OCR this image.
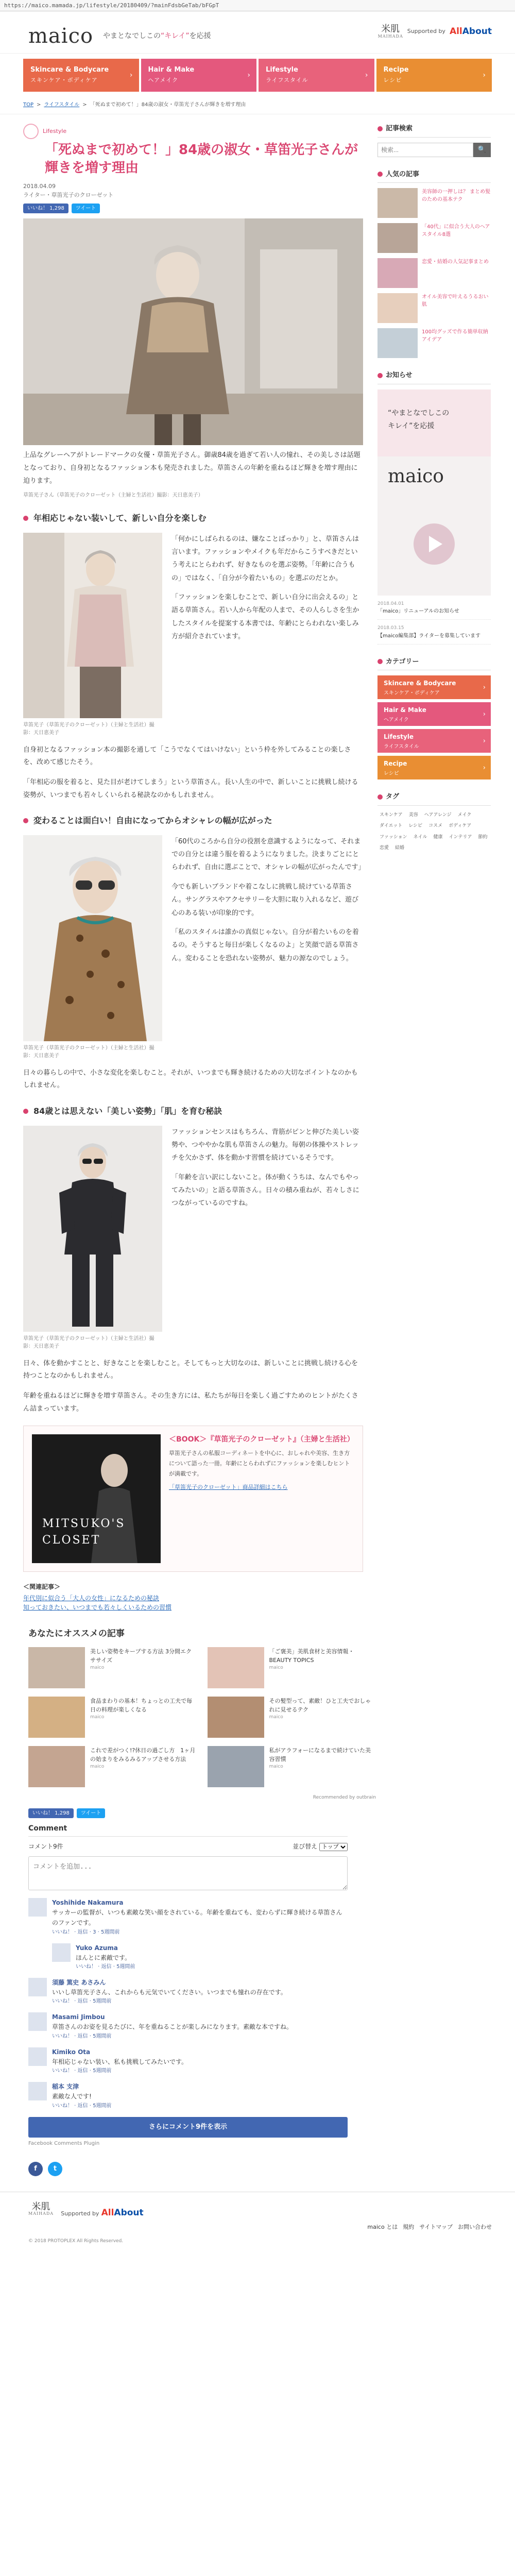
https://maico.mamada.jp/lifestyle/20180409/?mainFdsbGeTab/bFGpT
maico やまとなでしこの“キレイ”を応援
米肌
MAIHADA
Supported by AllAbout
Skincare & Bodycare
スキンケア・ボディケア
›
Hair & Make
ヘアメイク
›
Lifestyle
ライフスタイル
›
Recipe
レシピ
›
TOP > ライフスタイル > 「死ぬまで初めて！」84歳の淑女・草笛光子さんが輝きを増す理由
Lifestyle
「死ぬまで初めて！」84歳の淑女・草笛光子さんが輝きを増す理由
2018.04.09
ライター・草笛光子のクローゼット
いいね！ 1,298	ツイート

上品なグレーヘアがトレードマークの女優・草笛光子さん。御歳84歳を過ぎて若い人の憧れ、その美しさは話題となっており、自身初となるファッション本も発売されました。草笛さんの年齢を重ねるほど輝きを増す理由に迫ります。

草笛光子さん（草笛光子のクローゼット（主婦と生活社）撮影：天日恵美子）
年相応じゃない装いして、新しい自分を楽しむ
草笛光子（草笛光子のクローゼット）（主婦と生活社）撮影：天日恵美子

「何かにしばられるのは、嫌なことばっかり」と、草笛さんは言います。ファッションやメイクも年だからこうすべきだという考えにとらわれず、好きなものを選ぶ姿勢。「年齢に合うもの」ではなく、「自分が今着たいもの」を選ぶのだとか。

「ファッションを楽しむことで、新しい自分に出会えるの」と語る草笛さん。若い人から年配の人まで、その人らしさを生かしたスタイルを提案する本書では、年齢にとらわれない楽しみ方が紹介されています。

自身初となるファッション本の撮影を通して「こうでなくてはいけない」という枠を外してみることの楽しさを、改めて感じたそう。

「年相応の服を着ると、見た目が老けてしまう」という草笛さん。長い人生の中で、新しいことに挑戦し続ける姿勢が、いつまでも若々しくいられる秘訣なのかもしれません。

変わることは面白い！自由になってからオシャレの幅が広がった
草笛光子（草笛光子のクローゼット）（主婦と生活社）撮影：天日恵美子

「60代のころから自分の役割を意識するようになって、それまでの自分とは違う服を着るようになりました。決まりごとにとらわれず、自由に選ぶことで、オシャレの幅が広がったんです」

今でも新しいブランドや着こなしに挑戦し続けている草笛さん。サングラスやアクセサリーを大胆に取り入れるなど、遊び心のある装いが印象的です。

「私のスタイルは誰かの真似じゃない。自分が着たいものを着るの。そうすると毎日が楽しくなるのよ」と笑顔で語る草笛さん。変わることを恐れない姿勢が、魅力の源なのでしょう。

日々の暮らしの中で、小さな変化を楽しむこと。それが、いつまでも輝き続けるための大切なポイントなのかもしれません。

84歳とは思えない「美しい姿勢」「肌」を育む秘訣
草笛光子（草笛光子のクローゼット）（主婦と生活社）撮影：天日恵美子

ファッションセンスはもちろん、背筋がピンと伸びた美しい姿勢や、つややかな肌も草笛さんの魅力。毎朝の体操やストレッチを欠かさず、体を動かす習慣を続けているそうです。

「年齢を言い訳にしないこと。体が動くうちは、なんでもやってみたいの」と語る草笛さん。日々の積み重ねが、若々しさにつながっているのですね。

日々、体を動かすことと、好きなことを楽しむこと。そしてもっと大切なのは、新しいことに挑戦し続ける心を持つことなのかもしれません。

年齢を重ねるほどに輝きを増す草笛さん。その生き方には、私たちが毎日を楽しく過ごすためのヒントがたくさん詰まっています。

MITSUKO'S
CLOSET
＜BOOK＞『草笛光子のクローゼット』（主婦と生活社）
草笛光子さんの私服コーディネートを中心に、おしゃれや美容、生き方について語った一冊。年齢にとらわれずにファッションを楽しむヒントが満載です。
「草笛光子のクローゼット」商品詳細はこちら
＜関連記事＞
年代別に似合う「大人の女性」になるための秘訣
知っておきたい、いつまでも若々しくいるための習慣
記事検索
検索...
🔍
人気の記事
美容師の一押しは？ まとめ髪のための基本テク
「40代」に似合う大人のヘアスタイル8選
恋愛・結婚の人気記事まとめ
オイル美容で叶えるうるおい肌
100均グッズで作る簡単収納アイデア
お知らせ
“やまとなでしこの
キレイ”を応援
maico
2018.04.01
「maico」リニューアルのお知らせ
2018.03.15
【maico編集部】ライターを募集しています
カテゴリー
Skincare & Bodycare
スキンケア・ボディケア
›
Hair & Make
ヘアメイク
›
Lifestyle
ライフスタイル
›
Recipe
レシピ
›
タグ
スキンケア	美容	ヘアアレンジ	メイク
ダイエット	レシピ	コスメ	ボディケア
ファッション	ネイル	健康	インテリア	節約
恋愛	結婚
あなたにオススメの記事
美しい姿勢をキープする方法 3分間エクササイズ
maico
「ご褒美」美肌食材と美容情報・BEAUTY TOPICS
maico
食品まわりの基本！ちょっとの工夫で毎日の料理が楽しくなる
maico
その髪型って、素敵！ひと工夫でおしゃれに見せるテク
maico
これで差がつく!?休日の過ごし方　1ヶ月の始まりをみるみるアップさせる方法
maico
私がアラフォーになるまで続けていた美容習慣
maico
Recommended by outbrain
いいね！ 1,298	ツイート
Comment
コメント9件	並び替え
トップ
コメントを追加...
Yoshihide Nakamura
サッカーの監督が、いつも素敵な笑い顔をされている。年齢を重ねても、変わらずに輝き続ける草笛さんのファンです。
いいね！ · 返信 · 3 · 5週間前
Yuko Azuma
ほんとに素敵です。
いいね！ · 返信 · 5週間前
須藤 篤史 あさみん
いいし草笛光子さん、これからも元気でいてください。いつまでも憧れの存在です。
いいね！ · 返信 · 5週間前
Masami Jimbou
草笛さんのお姿を見るたびに、年を重ねることが楽しみになります。素敵な本ですね。
いいね！ · 返信 · 5週間前
Kimiko Ota
年相応じゃない装い、私も挑戦してみたいです。
いいね！ · 返信 · 5週間前
稲本 支津
素敵な人です!
いいね！ · 返信 · 5週間前
さらにコメント9件を表示
Facebook Comments Plugin
f	t
米肌
MAIHADA Supported by AllAbout
maico とは 規約 サイトマップ お問い合わせ
© 2018 PROTOPLEX All Rights Reserved.
